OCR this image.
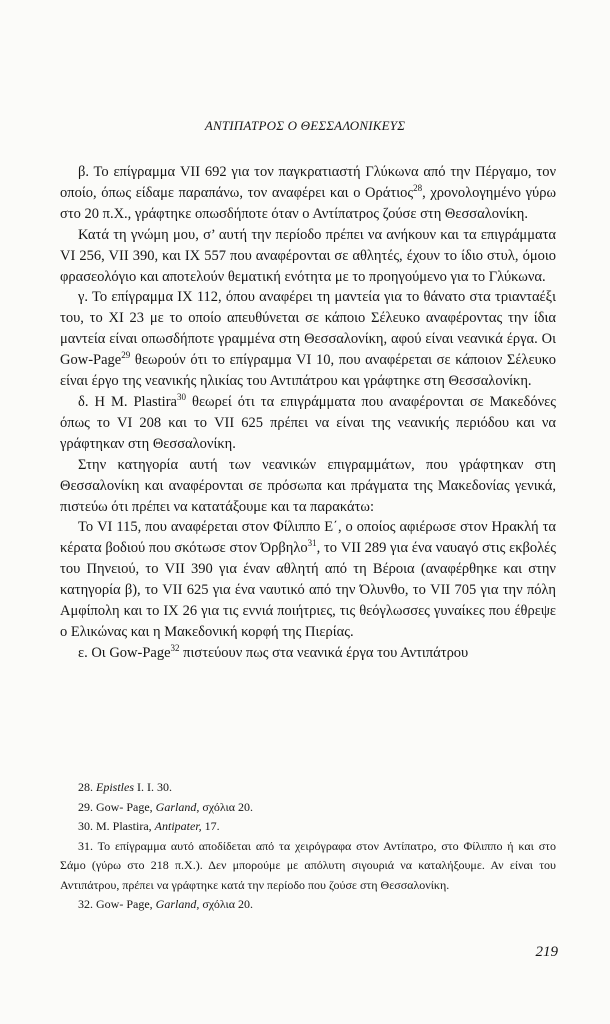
ΑΝΤΙΠΑΤΡΟΣ Ο ΘΕΣΣΑΛΟΝΙΚΕΥΣ

β. Το επίγραμμα VII 692 για τον παγκρατιαστή Γλύκωνα από την Πέργαμο, τον οποίο, όπως είδαμε παραπάνω, τον αναφέρει και ο Οράτιος$^{28}$, χρονολογημένο γύρω στο 20 π.Χ., γράφτηκε οπωσδήποτε όταν ο Αντίπατρος ζούσε στη Θεσσαλονίκη.

Κατά τη γνώμη μου, σ’ αυτή την περίοδο πρέπει να ανήκουν και τα επιγράμματα VI 256, VII 390, και IX 557 που αναφέρονται σε αθλητές, έχουν το ίδιο στυλ, όμοιο φρασεολόγιο και αποτελούν θεματική ενότητα με το προηγούμενο για το Γλύκωνα.

γ. Το επίγραμμα IX 112, όπου αναφέρει τη μαντεία για το θάνατο στα τριανταέξι του, το XI 23 με το οποίο απευθύνεται σε κάποιο Σέλευκο αναφέροντας την ίδια μαντεία είναι οπωσδήποτε γραμμένα στη Θεσσαλονίκη, αφού είναι νεανικά έργα. Οι Gow-Page$^{29}$ θεωρούν ότι το επίγραμμα VI 10, που αναφέρεται σε κάποιον Σέλευκο είναι έργο της νεανικής ηλικίας του Αντιπάτρου και γράφτηκε στη Θεσσαλονίκη.

δ. Η M. Plastira$^{30}$ θεωρεί ότι τα επιγράμματα που αναφέρονται σε Μακεδόνες όπως το VI 208 και το VII 625 πρέπει να είναι της νεανικής περιόδου και να γράφτηκαν στη Θεσσαλονίκη.

Στην κατηγορία αυτή των νεανικών επιγραμμάτων, που γράφτηκαν στη Θεσσαλονίκη και αναφέρονται σε πρόσωπα και πράγματα της Μακεδονίας γενικά, πιστεύω ότι πρέπει να κατατάξουμε και τα παρακάτω:

Το VI 115, που αναφέρεται στον Φίλιππο Ε΄, ο οποίος αφιέρωσε στον Ηρακλή τα κέρατα βοδιού που σκότωσε στον Όρβηλο$^{31}$, το VII 289 για ένα ναυαγό στις εκβολές του Πηνειού, το VII 390 για έναν αθλητή από τη Βέροια (αναφέρθηκε και στην κατηγορία β), το VII 625 για ένα ναυτικό από την Όλυνθο, το VII 705 για την πόλη Αμφίπολη και το IX 26 για τις εννιά ποιήτριες, τις θεόγλωσσες γυναίκες που έθρεψε ο Ελικώνας και η Μακεδονική κορφή της Πιερίας.

ε. Οι Gow-Page$^{32}$ πιστεύουν πως στα νεανικά έργα του Αντιπάτρου

28. Epistles I. I. 30.

29. Gow- Page, Garland, σχόλια 20.

30. M. Plastira, Antipater, 17.

31. Το επίγραμμα αυτό αποδίδεται από τα χειρόγραφα στον Αντίπατρο, στο Φίλιππο ή και στο Σάμο (γύρω στο 218 π.Χ.). Δεν μπορούμε με απόλυτη σιγουριά να καταλήξουμε. Αν είναι του Αντιπάτρου, πρέπει να γράφτηκε κατά την περίοδο που ζούσε στη Θεσσαλονίκη.

32. Gow- Page, Garland, σχόλια 20.

219
